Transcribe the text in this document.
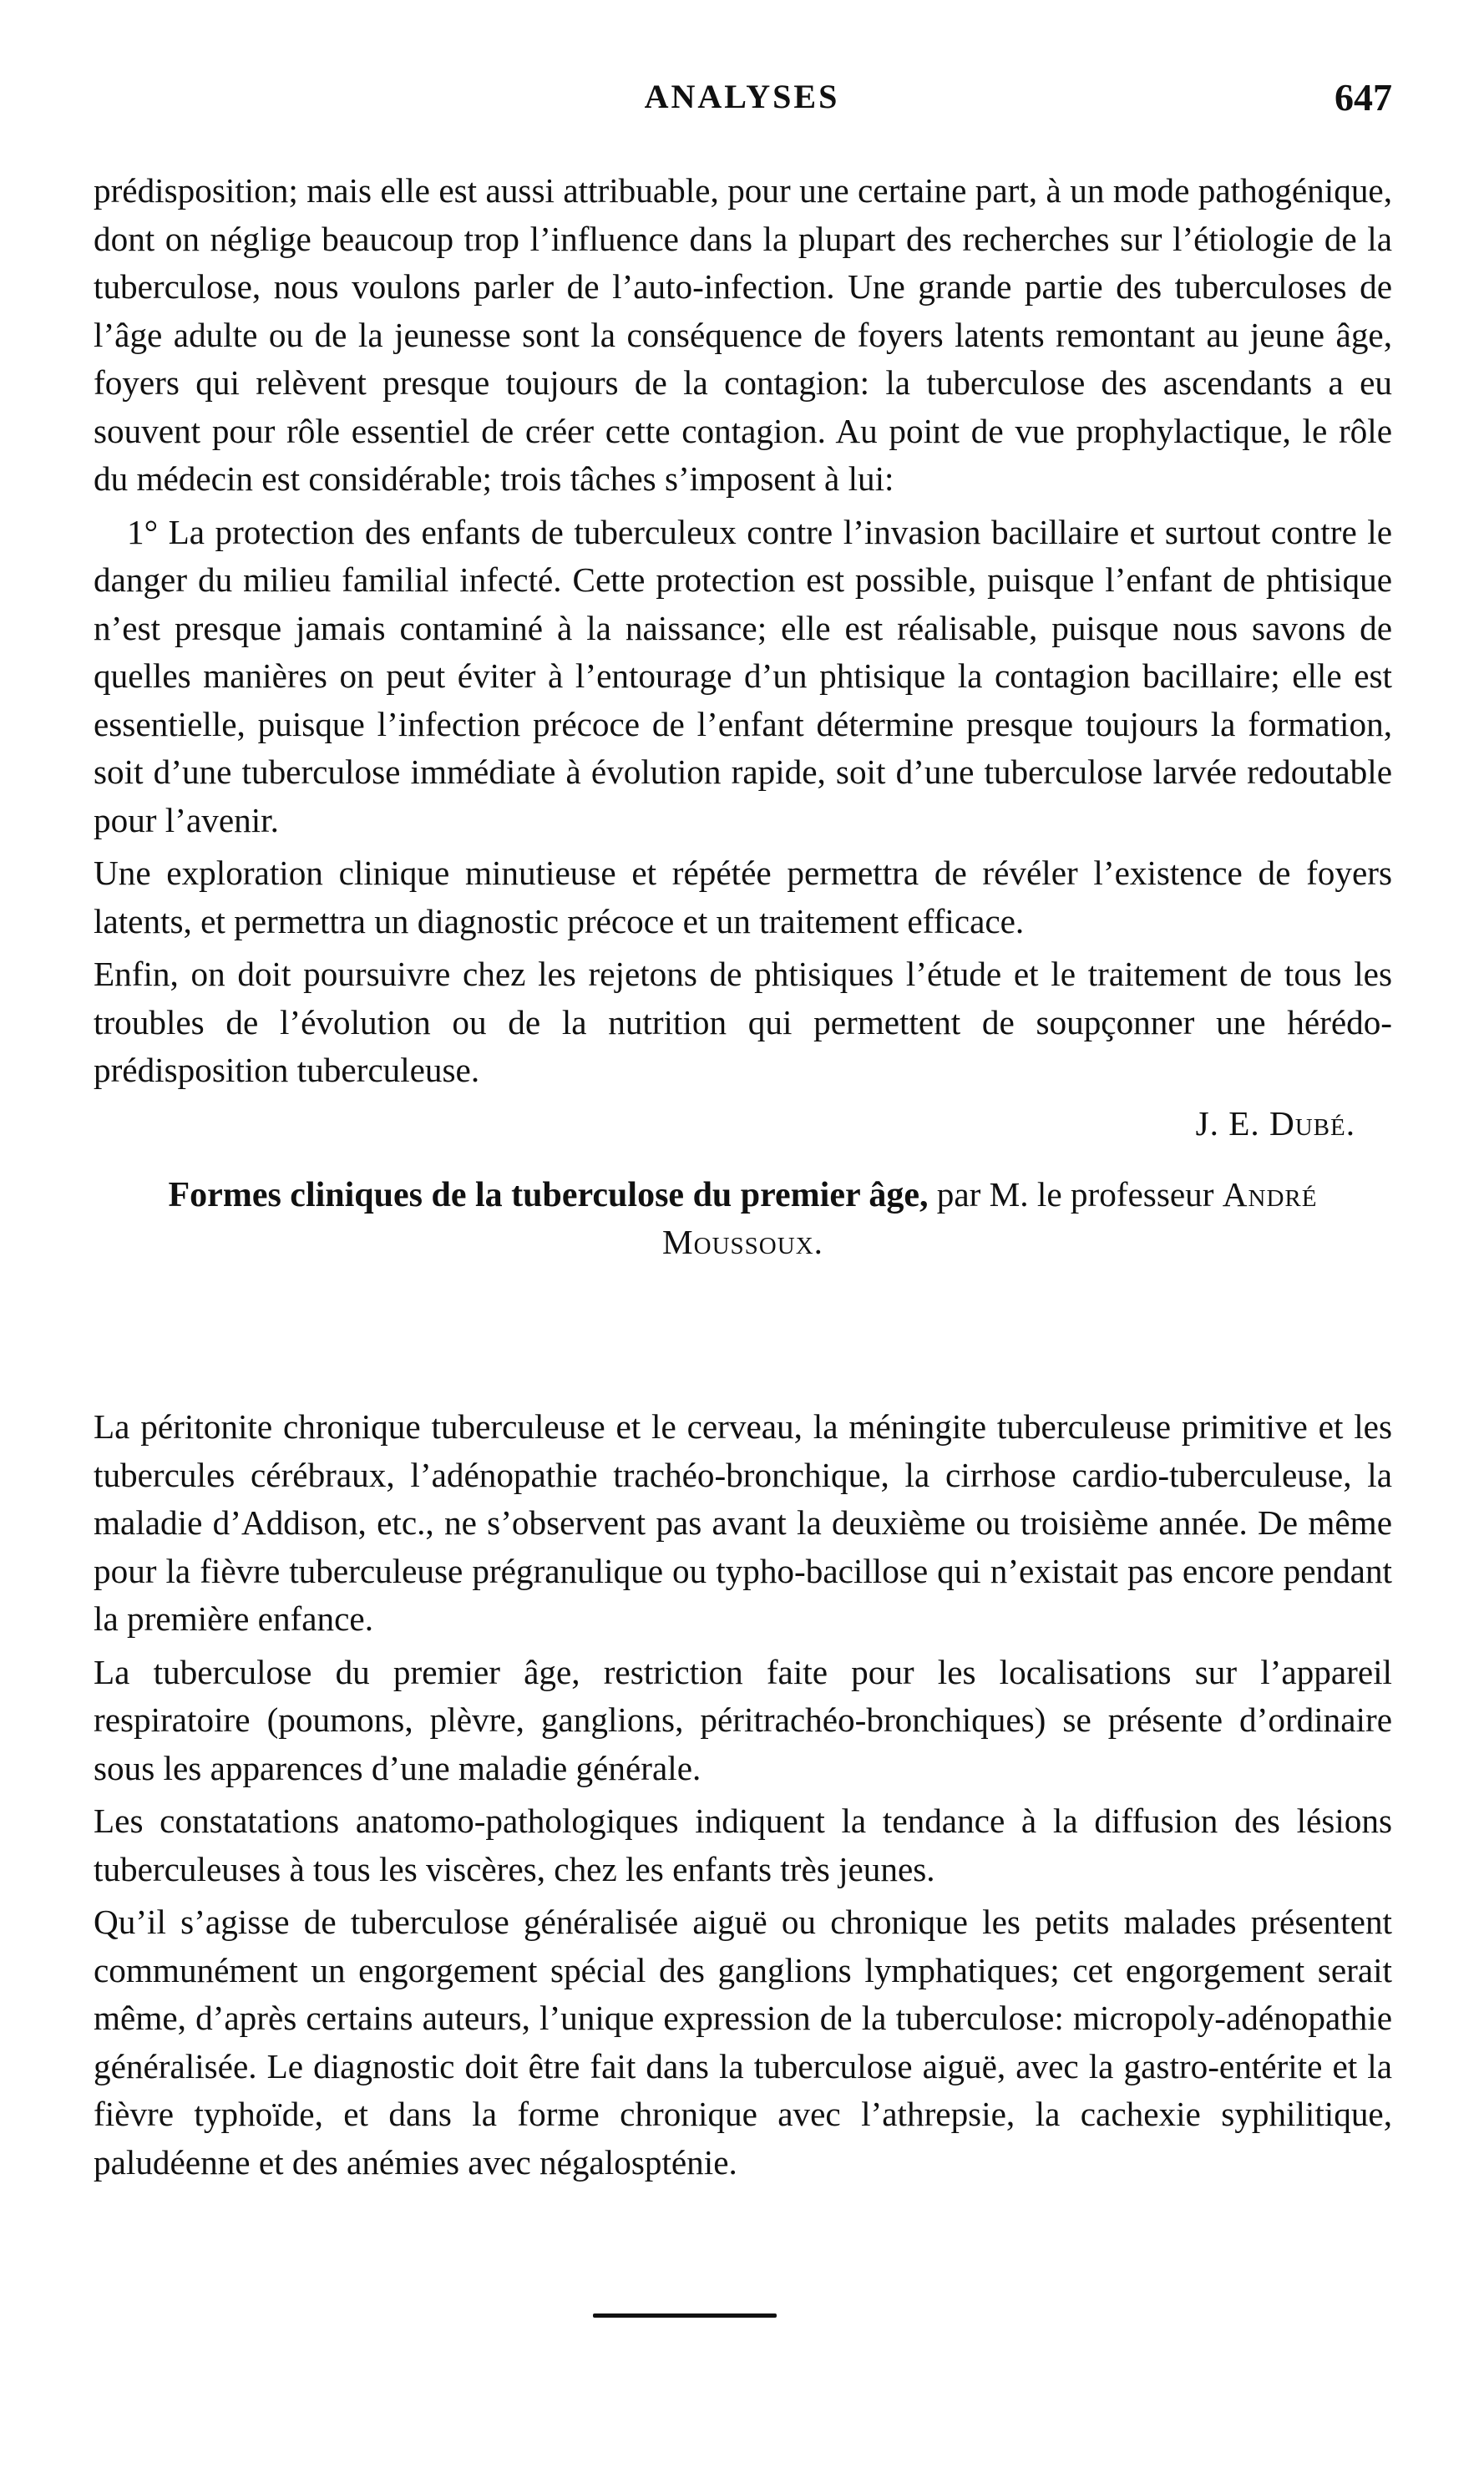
ANALYSES	647

prédisposition; mais elle est aussi attribuable, pour une certaine part, à un mode pathogénique, dont on néglige beaucoup trop l’influence dans la plupart des recherches sur l’étiologie de la tuberculose, nous voulons parler de l’auto-infection. Une grande partie des tuberculoses de l’âge adulte ou de la jeunesse sont la conséquence de foyers latents remontant au jeune âge, foyers qui relèvent presque toujours de la contagion: la tuberculose des ascendants a eu souvent pour rôle essentiel de créer cette contagion. Au point de vue prophylactique, le rôle du médecin est considérable; trois tâches s’imposent à lui:

1° La protection des enfants de tuberculeux contre l’invasion bacillaire et surtout contre le danger du milieu familial infecté. Cette protection est possible, puisque l’enfant de phtisique n’est presque jamais contaminé à la naissance; elle est réalisable, puisque nous savons de quelles manières on peut éviter à l’entourage d’un phtisique la contagion bacillaire; elle est essentielle, puisque l’infection précoce de l’enfant détermine presque toujours la formation, soit d’une tuberculose immédiate à évolution rapide, soit d’une tuberculose larvée redoutable pour l’avenir.

Une exploration clinique minutieuse et répétée permettra de révéler l’existence de foyers latents, et permettra un diagnostic précoce et un traitement efficace.

Enfin, on doit poursuivre chez les rejetons de phtisiques l’étude et le traitement de tous les troubles de l’évolution ou de la nutrition qui permettent de soupçonner une hérédo-prédisposition tuberculeuse.

J. E. Dubé.

Formes cliniques de la tuberculose du premier âge, par M. le professeur André Moussoux.

La péritonite chronique tuberculeuse et le cerveau, la méningite tuberculeuse primitive et les tubercules cérébraux, l’adénopathie trachéo-bronchique, la cirrhose cardio-tuberculeuse, la maladie d’Addison, etc., ne s’observent pas avant la deuxième ou troisième année. De même pour la fièvre tuberculeuse prégranulique ou typho-bacillose qui n’existait pas encore pendant la première enfance.

La tuberculose du premier âge, restriction faite pour les localisations sur l’appareil respiratoire (poumons, plèvre, ganglions, péritrachéo-bronchiques) se présente d’ordinaire sous les apparences d’une maladie générale.

Les constatations anatomo-pathologiques indiquent la tendance à la diffusion des lésions tuberculeuses à tous les viscères, chez les enfants très jeunes.

Qu’il s’agisse de tuberculose généralisée aiguë ou chronique les petits malades présentent communément un engorgement spécial des ganglions lymphatiques; cet engorgement serait même, d’après certains auteurs, l’unique expression de la tuberculose: micropoly-adénopathie généralisée. Le diagnostic doit être fait dans la tuberculose aiguë, avec la gastro-entérite et la fièvre typhoïde, et dans la forme chronique avec l’athrepsie, la cachexie syphilitique, paludéenne et des anémies avec négalospténie.
